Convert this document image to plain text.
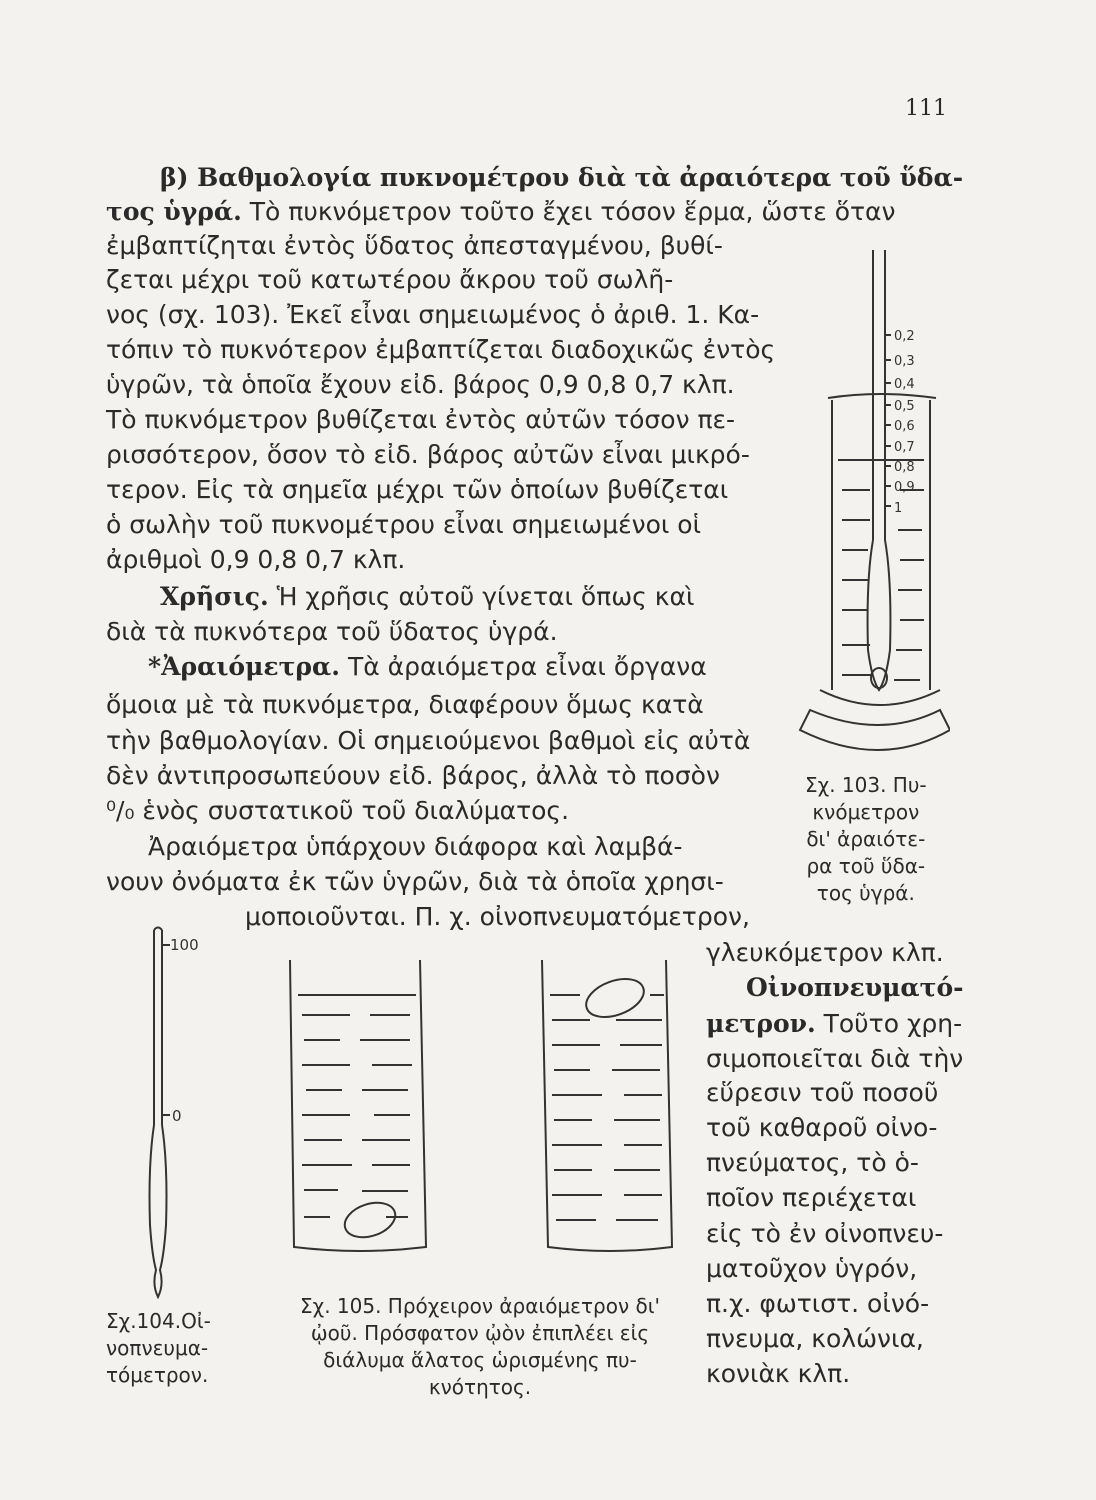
111
β) Βαθμολογία πυκνομέτρου διὰ τὰ ἀραιότερα τοῦ ὕδα-
τος ὑγρά. Τὸ πυκνόμετρον τοῦτο ἔχει τόσον ἕρμα, ὥστε ὅταν
ἐμβαπτίζηται ἐντὸς ὕδατος ἀπεσταγμένου, βυθί-
ζεται μέχρι τοῦ κατωτέρου ἄκρου τοῦ σωλῆ-
νος (σχ. 103). Ἐκεῖ εἶναι σημειωμένος ὁ ἀριθ. 1. Κα-
τόπιν τὸ πυκνότερον ἐμβαπτίζεται διαδοχικῶς ἐντὸς
ὑγρῶν, τὰ ὁποῖα ἔχουν εἰδ. βάρος 0,9 0,8 0,7 κλπ.
Τὸ πυκνόμετρον βυθίζεται ἐντὸς αὐτῶν τόσον πε-
ρισσότερον, ὅσον τὸ εἰδ. βάρος αὐτῶν εἶναι μικρό-
τερον. Εἰς τὰ σημεῖα μέχρι τῶν ὁποίων βυθίζεται
ὁ σωλὴν τοῦ πυκνομέτρου εἶναι σημειωμένοι οἱ
ἀριθμοὶ 0,9 0,8 0,7 κλπ.
Χρῆσις. Ἡ χρῆσις αὐτοῦ γίνεται ὅπως καὶ
διὰ τὰ πυκνότερα τοῦ ὕδατος ὑγρά.
*Ἀραιόμετρα. Τὰ ἀραιόμετρα εἶναι ὄργανα
ὅμοια μὲ τὰ πυκνόμετρα, διαφέρουν ὅμως κατὰ
τὴν βαθμολογίαν. Οἱ σημειούμενοι βαθμοὶ εἰς αὐτὰ
δὲν ἀντιπροσωπεύουν εἰδ. βάρος, ἀλλὰ τὸ ποσὸν
⁰/₀ ἑνὸς συστατικοῦ τοῦ διαλύματος.
Ἀραιόμετρα ὑπάρχουν διάφορα καὶ λαμβά-
νουν ὀνόματα ἐκ τῶν ὑγρῶν, διὰ τὰ ὁποῖα χρησι-
μοποιοῦνται. Π. χ. οἰνοπνευματόμετρον,
γλευκόμετρον κλπ.
Οἰνοπνευματό-
μετρον. Τοῦτο χρη-
σιμοποιεῖται διὰ τὴν
εὕρεσιν τοῦ ποσοῦ
τοῦ καθαροῦ οἰνο-
πνεύματος, τὸ ὁ-
ποῖον περιέχεται
εἰς τὸ ἐν οἰνοπνευ-
ματοῦχον ὑγρόν,
π.χ. φωτιστ. οἰνό-
πνευμα, κολώνια,
κονιὰκ κλπ.
0,2
0,3
0,4
0,5
0,6
0,7
0,8
0,9
1
Σχ. 103. Πυ-
κνόμετρον
δι' ἀραιότε-
ρα τοῦ ὕδα-
τος ὑγρά.
100
0
Σχ.104.Οἰ-
νοπνευμα-
τόμετρον.
Σχ. 105. Πρόχειρον ἀραιόμετρον δι'
ᾠοῦ. Πρόσφατον ᾠὸν ἐπιπλέει εἰς
διάλυμα ἅλατος ὡρισμένης πυ-
κνότητος.
